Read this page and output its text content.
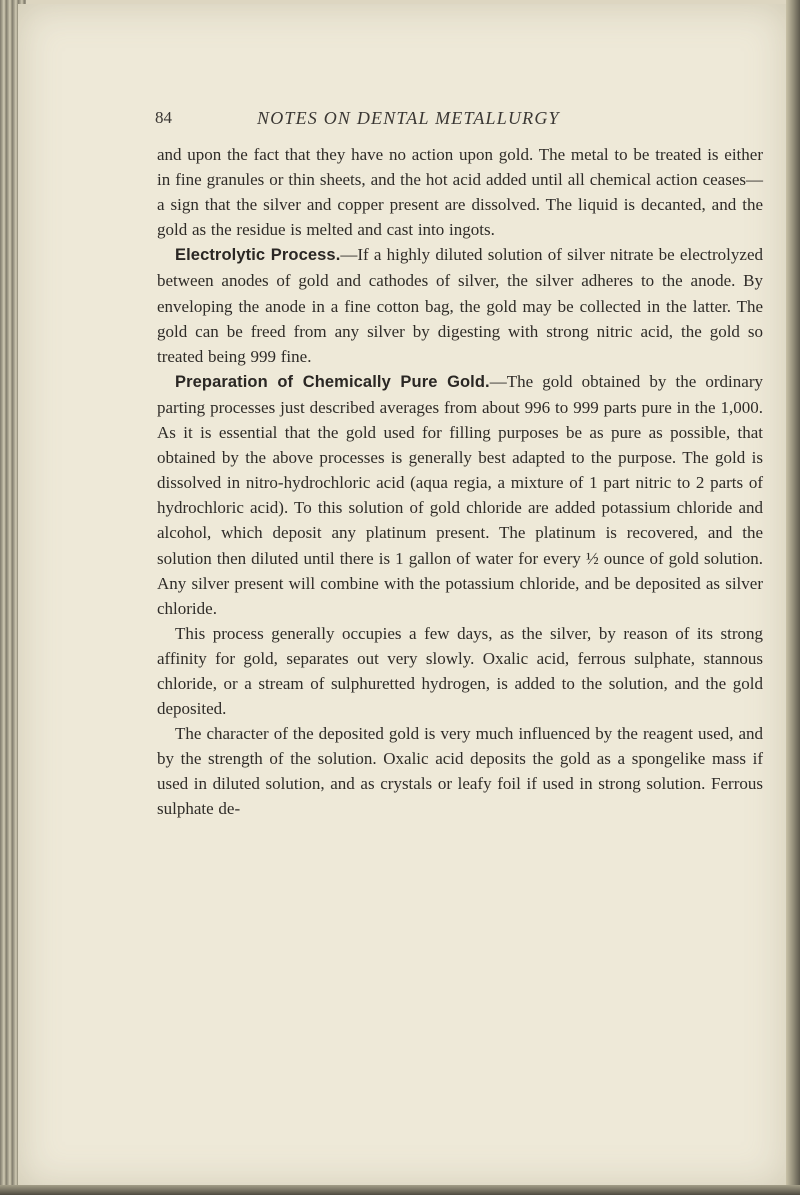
84	NOTES ON DENTAL METALLURGY

and upon the fact that they have no action upon gold. The metal to be treated is either in fine granules or thin sheets, and the hot acid added until all chemical action ceases—a sign that the silver and copper present are dissolved. The liquid is decanted, and the gold as the residue is melted and cast into ingots.

Electrolytic Process.—If a highly diluted solution of silver nitrate be electrolyzed between anodes of gold and cathodes of silver, the silver adheres to the anode. By enveloping the anode in a fine cotton bag, the gold may be collected in the latter. The gold can be freed from any silver by digesting with strong nitric acid, the gold so treated being 999 fine.

Preparation of Chemically Pure Gold.—The gold obtained by the ordinary parting processes just described averages from about 996 to 999 parts pure in the 1,000. As it is essential that the gold used for filling purposes be as pure as possible, that obtained by the above processes is generally best adapted to the purpose. The gold is dissolved in nitro-hydrochloric acid (aqua regia, a mixture of 1 part nitric to 2 parts of hydrochloric acid). To this solution of gold chloride are added potassium chloride and alcohol, which deposit any platinum present. The platinum is recovered, and the solution then diluted until there is 1 gallon of water for every ½ ounce of gold solution. Any silver present will combine with the potassium chloride, and be deposited as silver chloride.

This process generally occupies a few days, as the silver, by reason of its strong affinity for gold, separates out very slowly. Oxalic acid, ferrous sulphate, stannous chloride, or a stream of sulphuretted hydrogen, is added to the solution, and the gold deposited.

The character of the deposited gold is very much influenced by the reagent used, and by the strength of the solution. Oxalic acid deposits the gold as a spongelike mass if used in diluted solution, and as crystals or leafy foil if used in strong solution. Ferrous sulphate de-
